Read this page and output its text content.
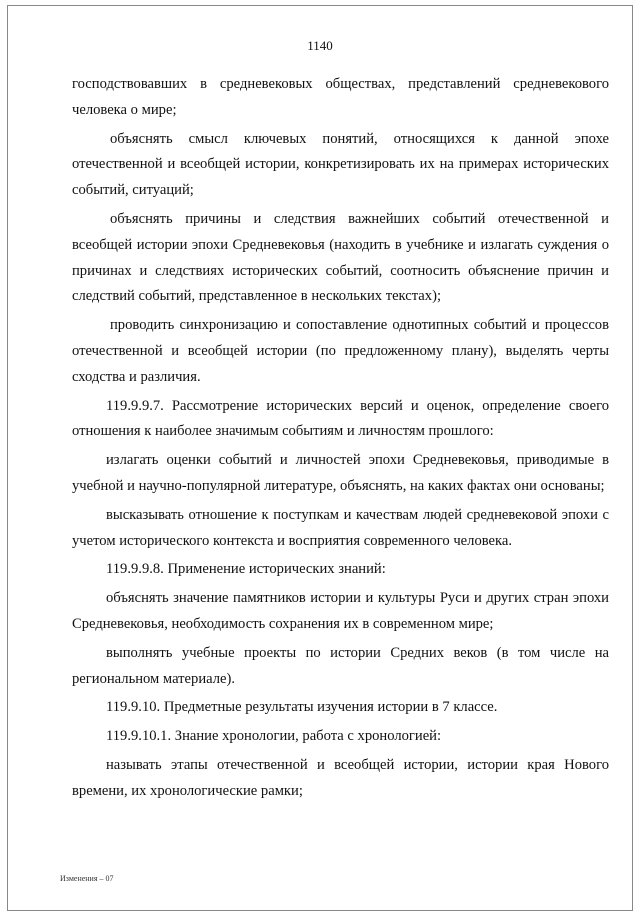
1140

господствовавших в средневековых обществах, представлений средневекового человека о мире;

объяснять смысл ключевых понятий, относящихся к данной эпохе отечественной и всеобщей истории, конкретизировать их на примерах исторических событий, ситуаций;

объяснять причины и следствия важнейших событий отечественной и всеобщей истории эпохи Средневековья (находить в учебнике и излагать суждения о причинах и следствиях исторических событий, соотносить объяснение причин и следствий событий, представленное в нескольких текстах);

проводить синхронизацию и сопоставление однотипных событий и процессов отечественной и всеобщей истории (по предложенному плану), выделять черты сходства и различия.

119.9.9.7. Рассмотрение исторических версий и оценок, определение своего отношения к наиболее значимым событиям и личностям прошлого:

излагать оценки событий и личностей эпохи Средневековья, приводимые в учебной и научно-популярной литературе, объяснять, на каких фактах они основаны;

высказывать отношение к поступкам и качествам людей средневековой эпохи с учетом исторического контекста и восприятия современного человека.

119.9.9.8. Применение исторических знаний:

объяснять значение памятников истории и культуры Руси и других стран эпохи Средневековья, необходимость сохранения их в современном мире;

выполнять учебные проекты по истории Средних веков (в том числе на региональном материале).

119.9.10. Предметные результаты изучения истории в 7 классе.

119.9.10.1. Знание хронологии, работа с хронологией:

называть этапы отечественной и всеобщей истории, истории края Нового времени, их хронологические рамки;

Изменения – 07
